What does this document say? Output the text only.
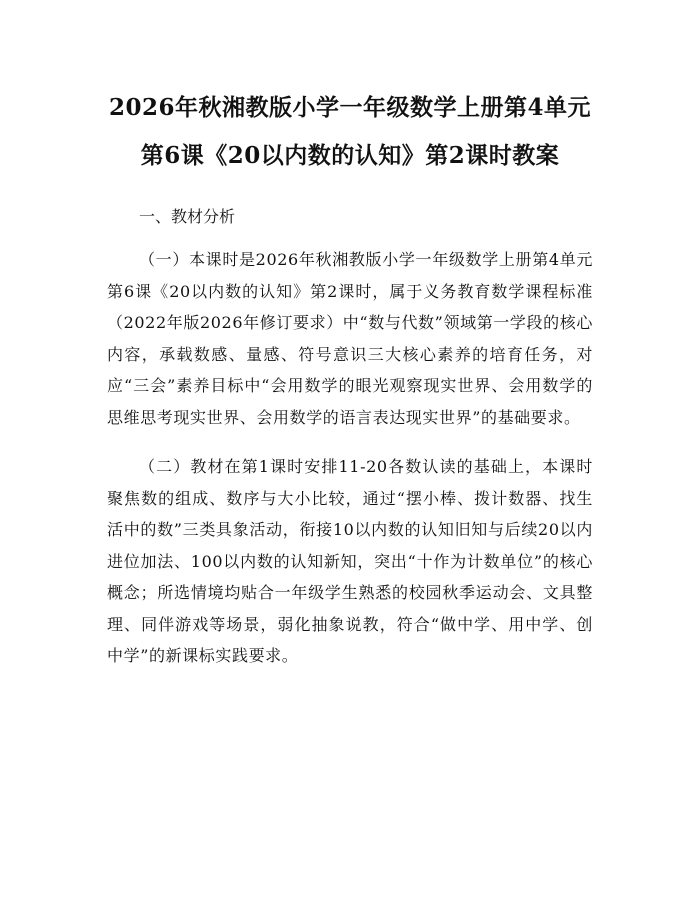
2026年秋湘教版小学一年级数学上册第4单元第6课《20以内数的认知》第2课时教案

一、教材分析

（一）本课时是2026年秋湘教版小学一年级数学上册第4单元第6课《20以内数的认知》第2课时，属于义务教育数学课程标准（2022年版2026年修订要求）中“数与代数”领域第一学段的核心内容，承载数感、量感、符号意识三大核心素养的培育任务，对应“三会”素养目标中“会用数学的眼光观察现实世界、会用数学的思维思考现实世界、会用数学的语言表达现实世界”的基础要求。

（二）教材在第1课时安排11-20各数认读的基础上，本课时聚焦数的组成、数序与大小比较，通过“摆小棒、拨计数器、找生活中的数”三类具象活动，衔接10以内数的认知旧知与后续20以内进位加法、100以内数的认知新知，突出“十作为计数单位”的核心概念；所选情境均贴合一年级学生熟悉的校园秋季运动会、文具整理、同伴游戏等场景，弱化抽象说教，符合“做中学、用中学、创中学”的新课标实践要求。
